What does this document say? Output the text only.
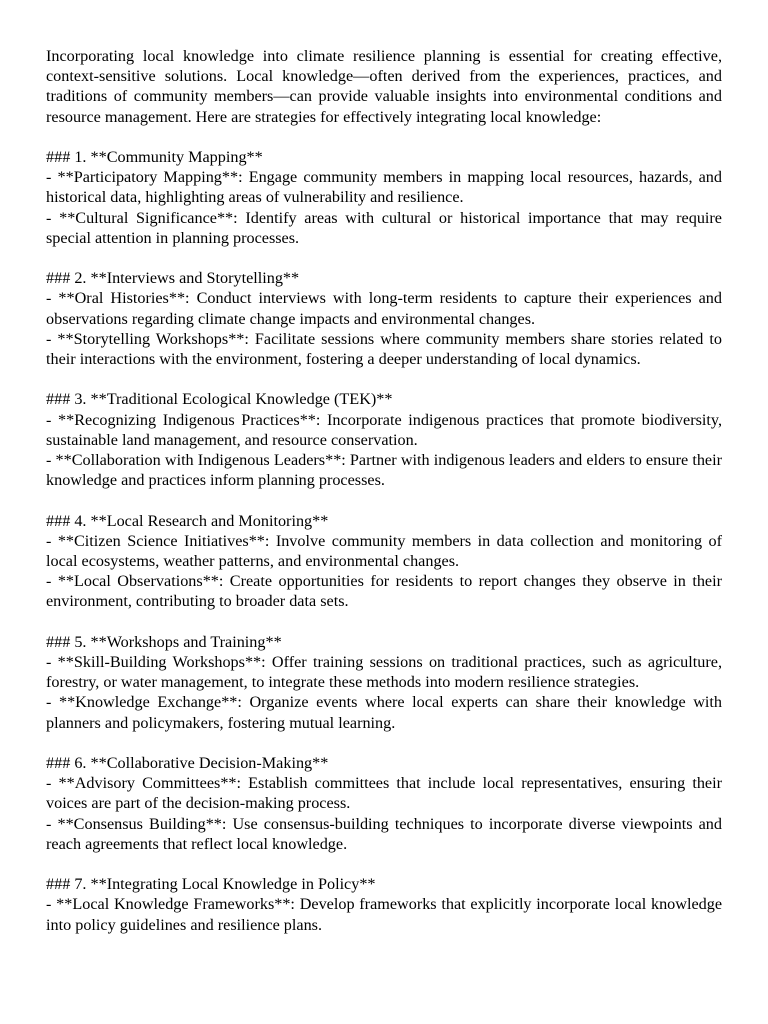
Incorporating local knowledge into climate resilience planning is essential for creating effective, context-sensitive solutions. Local knowledge—often derived from the experiences, practices, and traditions of community members—can provide valuable insights into environmental conditions and resource management. Here are strategies for effectively integrating local knowledge:

### 1. **Community Mapping**

- **Participatory Mapping**: Engage community members in mapping local resources, hazards, and historical data, highlighting areas of vulnerability and resilience.

- **Cultural Significance**: Identify areas with cultural or historical importance that may require special attention in planning processes.

### 2. **Interviews and Storytelling**

- **Oral Histories**: Conduct interviews with long-term residents to capture their experiences and observations regarding climate change impacts and environmental changes.

- **Storytelling Workshops**: Facilitate sessions where community members share stories related to their interactions with the environment, fostering a deeper understanding of local dynamics.

### 3. **Traditional Ecological Knowledge (TEK)**

- **Recognizing Indigenous Practices**: Incorporate indigenous practices that promote biodiversity, sustainable land management, and resource conservation.

- **Collaboration with Indigenous Leaders**: Partner with indigenous leaders and elders to ensure their knowledge and practices inform planning processes.

### 4. **Local Research and Monitoring**

- **Citizen Science Initiatives**: Involve community members in data collection and monitoring of local ecosystems, weather patterns, and environmental changes.

- **Local Observations**: Create opportunities for residents to report changes they observe in their environment, contributing to broader data sets.

### 5. **Workshops and Training**

- **Skill-Building Workshops**: Offer training sessions on traditional practices, such as agriculture, forestry, or water management, to integrate these methods into modern resilience strategies.

- **Knowledge Exchange**: Organize events where local experts can share their knowledge with planners and policymakers, fostering mutual learning.

### 6. **Collaborative Decision-Making**

- **Advisory Committees**: Establish committees that include local representatives, ensuring their voices are part of the decision-making process.

- **Consensus Building**: Use consensus-building techniques to incorporate diverse viewpoints and reach agreements that reflect local knowledge.

### 7. **Integrating Local Knowledge in Policy**

- **Local Knowledge Frameworks**: Develop frameworks that explicitly incorporate local knowledge into policy guidelines and resilience plans.
